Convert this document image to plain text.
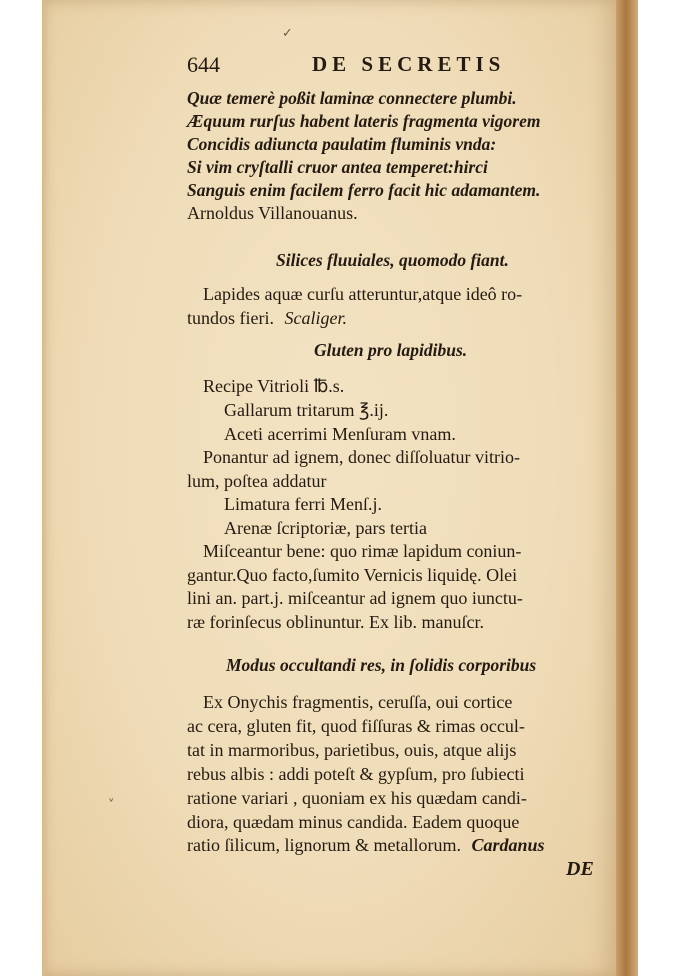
✓
644	DE SECRETIS
Quæ temerè poßit laminæ connectere plumbi.
Æquum rurſus habent lateris fragmenta vigorem
Concidis adiuncta paulatim fluminis vnda:
Si vim cryſtalli cruor antea temperet:hirci
Sanguis enim facilem ferro facit hic adamantem.
Arnoldus Villanouanus.
Silices fluuiales, quomodo fiant.
Lapides aquæ curſu atteruntur,atque ideô ro-
tundos fieri. Scaliger.
Gluten pro lapidibus.
Recipe Vitrioli ℔.s.
Gallarum tritarum ℥.ij.
Aceti acerrimi Menſuram vnam.
Ponantur ad ignem, donec diſſoluatur vitrio-
lum, poſtea addatur
Limatura ferri Menſ.j.
Arenæ ſcriptoriæ, pars tertia
Miſceantur bene: quo rimæ lapidum coniun-
gantur.Quo facto,ſumito Vernicis liquidę. Olei
lini an. part.j. miſceantur ad ignem quo iunctu-
ræ forinſecus oblinuntur. Ex lib. manuſcr.
Modus occultandi res, in ſolidis corporibus
Ex Onychis fragmentis, ceruſſa, oui cortice
ac cera, gluten fit, quod fiſſuras & rimas occul-
tat in marmoribus, parietibus, ouis, atque alijs
rebus albis : addi poteſt & gypſum, pro ſubiecti
ratione variari , quoniam ex his quædam candi-
diora, quædam minus candida. Eadem quoque
ratio ſilicum, lignorum & metallorum. Cardanus
DE
˅
